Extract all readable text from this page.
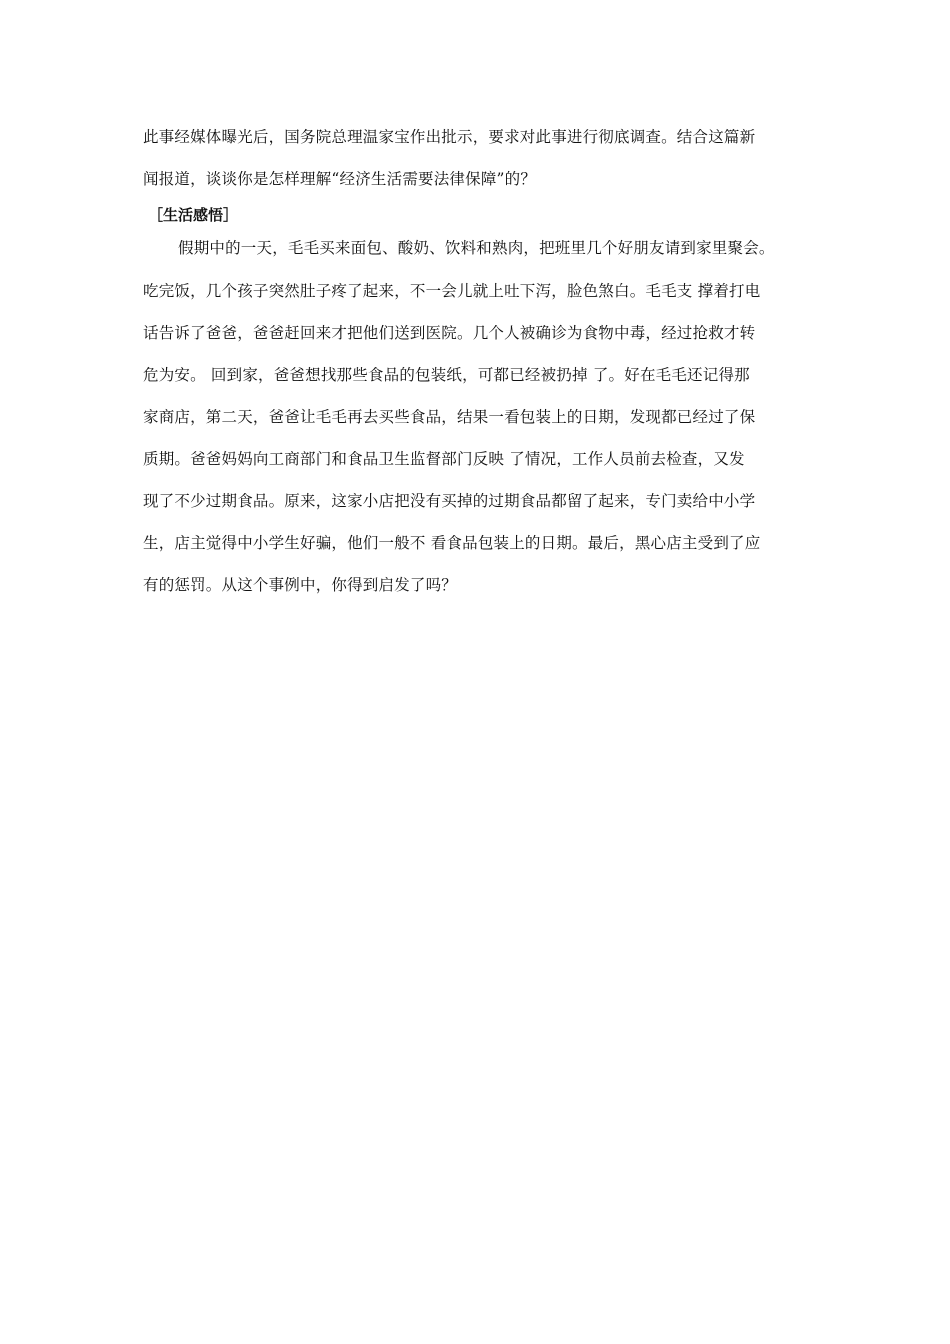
此事经媒体曝光后，国务院总理温家宝作出批示，要求对此事进行彻底调查。结合这篇新
闻报道，谈谈你是怎样理解“经济生活需要法律保障”的？
［生活感悟］
假期中的一天，毛毛买来面包、酸奶、饮料和熟肉，把班里几个好朋友请到家里聚会。
吃完饭，几个孩子突然肚子疼了起来，不一会儿就上吐下泻，脸色煞白。毛毛支 撑着打电
话告诉了爸爸，爸爸赶回来才把他们送到医院。几个人被确诊为食物中毒，经过抢救才转
危为安。 回到家，爸爸想找那些食品的包装纸，可都已经被扔掉 了。好在毛毛还记得那
家商店，第二天，爸爸让毛毛再去买些食品，结果一看包装上的日期，发现都已经过了保
质期。爸爸妈妈向工商部门和食品卫生监督部门反映 了情况，工作人员前去检查，又发
现了不少过期食品。原来，这家小店把没有买掉的过期食品都留了起来，专门卖给中小学
生，店主觉得中小学生好骗，他们一般不 看食品包装上的日期。最后，黑心店主受到了应
有的惩罚。从这个事例中，你得到启发了吗？
